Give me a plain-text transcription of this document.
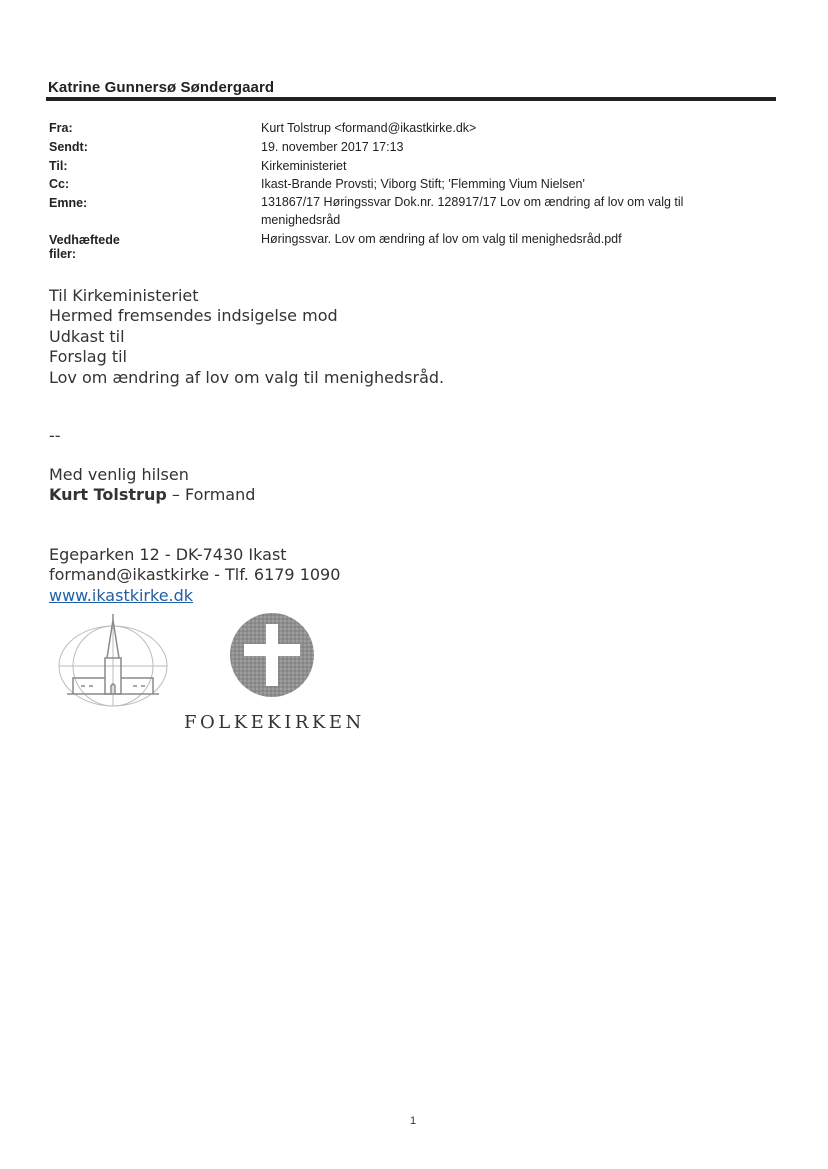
Katrine Gunnersø Søndergaard
Fra:	Kurt Tolstrup <formand@ikastkirke.dk>
Sendt:	19. november 2017 17:13
Til:	Kirkeministeriet
Cc:	Ikast-Brande Provsti; Viborg Stift; 'Flemming Vium Nielsen'
Emne:	131867/17 Høringssvar Dok.nr. 128917/17 Lov om ændring af lov om valg til menighedsråd
Vedhæftede filer:
Høringssvar. Lov om ændring af lov om valg til menighedsråd.pdf
Til Kirkeministeriet
Hermed fremsendes indsigelse mod
Udkast til
Forslag til
Lov om ændring af lov om valg til menighedsråd.
--
Med venlig hilsen
Kurt Tolstrup – Formand
Egeparken 12 - DK-7430 Ikast
formand@ikastkirke - Tlf. 6179 1090
www.ikastkirke.dk
FOLKEKIRKEN
1
